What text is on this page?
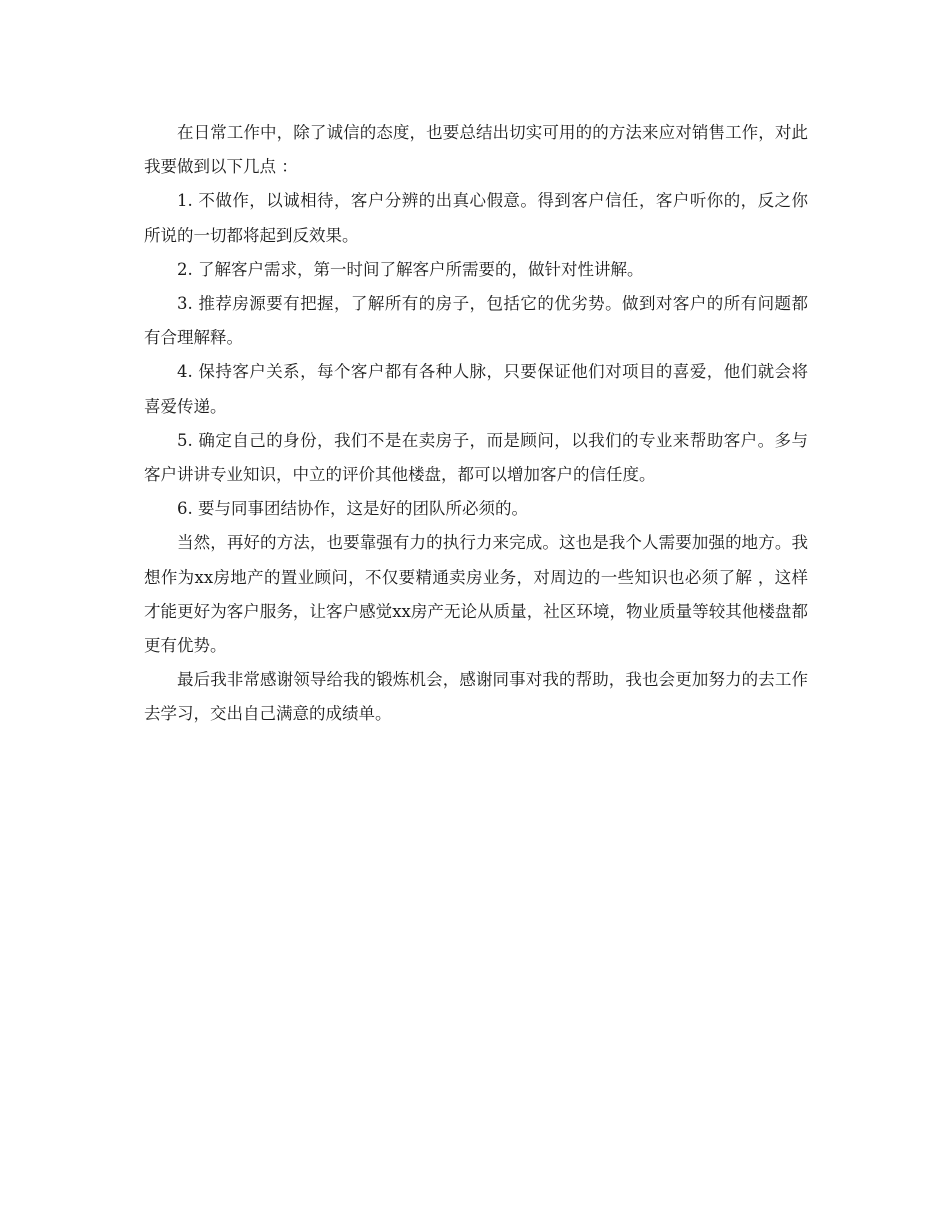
在日常工作中，除了诚信的态度，也要总结出切实可用的的方法来应对销售工作，对此我要做到以下几点 ：

1. 不做作，以诚相待，客户分辨的出真心假意。得到客户信任，客户听你的，反之你所说的一切都将起到反效果。

2. 了解客户需求，第一时间了解客户所需要的，做针对性讲解。

3. 推荐房源要有把握，了解所有的房子，包括它的优劣势。做到对客户的所有问题都有合理解释。

4. 保持客户关系，每个客户都有各种人脉，只要保证他们对项目的喜爱，他们就会将喜爱传递。

5. 确定自己的身份，我们不是在卖房子，而是顾问，以我们的专业来帮助客户。多与客户讲讲专业知识，中立的评价其他楼盘，都可以增加客户的信任度。

6. 要与同事团结协作，这是好的团队所必须的。

当然，再好的方法，也要靠强有力的执行力来完成。这也是我个人需要加强的地方。我想作为xx房地产的置业顾问，不仅要精通卖房业务，对周边的一些知识也必须了解 ，这样才能更好为客户服务，让客户感觉xx房产无论从质量，社区环境，物业质量等较其他楼盘都更有优势。

最后我非常感谢领导给我的锻炼机会，感谢同事对我的帮助，我也会更加努力的去工作去学习，交出自己满意的成绩单。
